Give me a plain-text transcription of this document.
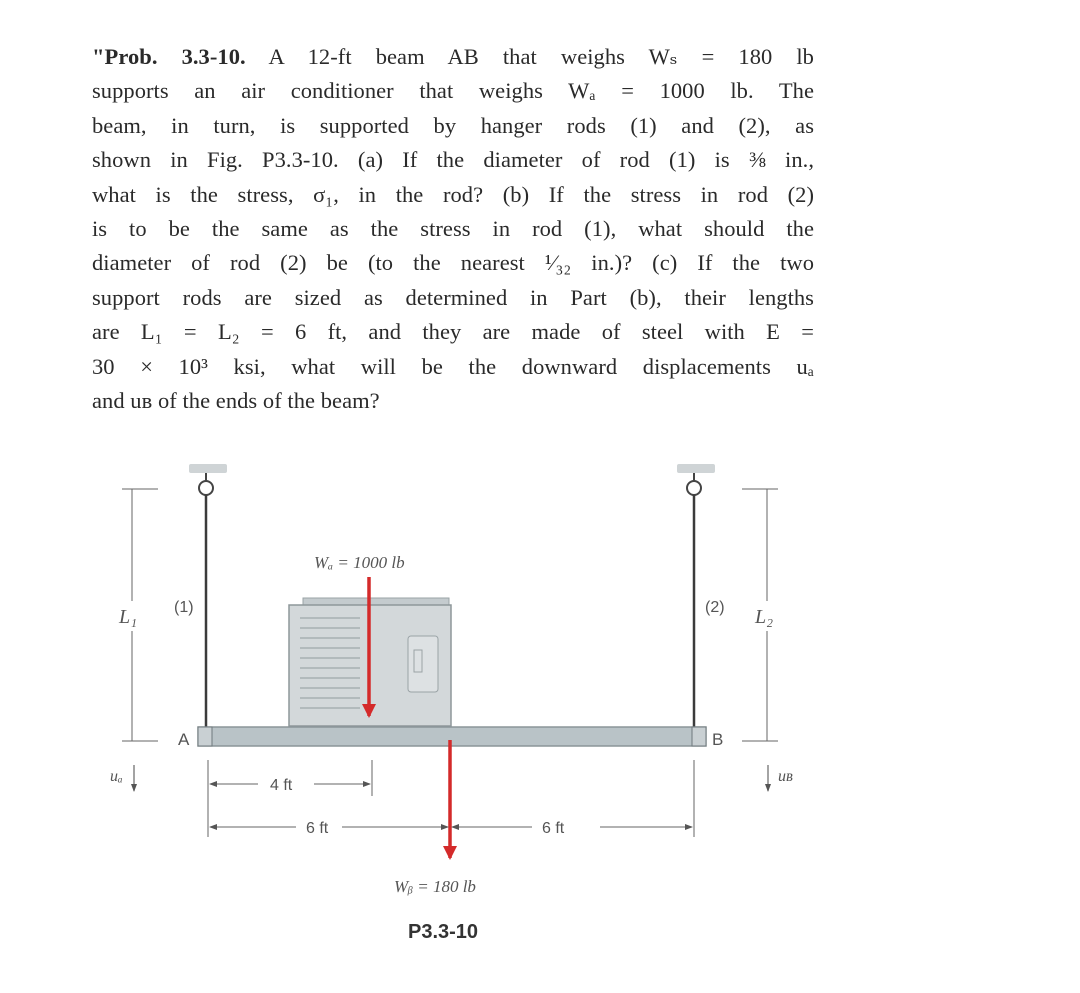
"Prob. 3.3-10. A 12-ft beam AB that weighs Wₛ = 180 lb
supports an air conditioner that weighs Wₐ = 1000 lb. The
beam, in turn, is supported by hanger rods (1) and (2), as
shown in Fig. P3.3-10. (a) If the diameter of rod (1) is ⅜ in.,
what is the stress, σ₁, in the rod? (b) If the stress in rod (2)
is to be the same as the stress in rod (1), what should the
diameter of rod (2) be (to the nearest ¹⁄₃₂ in.)? (c) If the two
support rods are sized as determined in Part (b), their lengths
are L₁ = L₂ = 6 ft, and they are made of steel with E =
30 × 10³ ksi, what will be the downward displacements uₐ
and uʙ of the ends of the beam?
Wₐ = 1000 lb
Wᵦ = 180 lb
(1)	(2)
L₁	L₂
uₐ	uʙ
A	B
4 ft
6 ft	6 ft
P3.3-10
